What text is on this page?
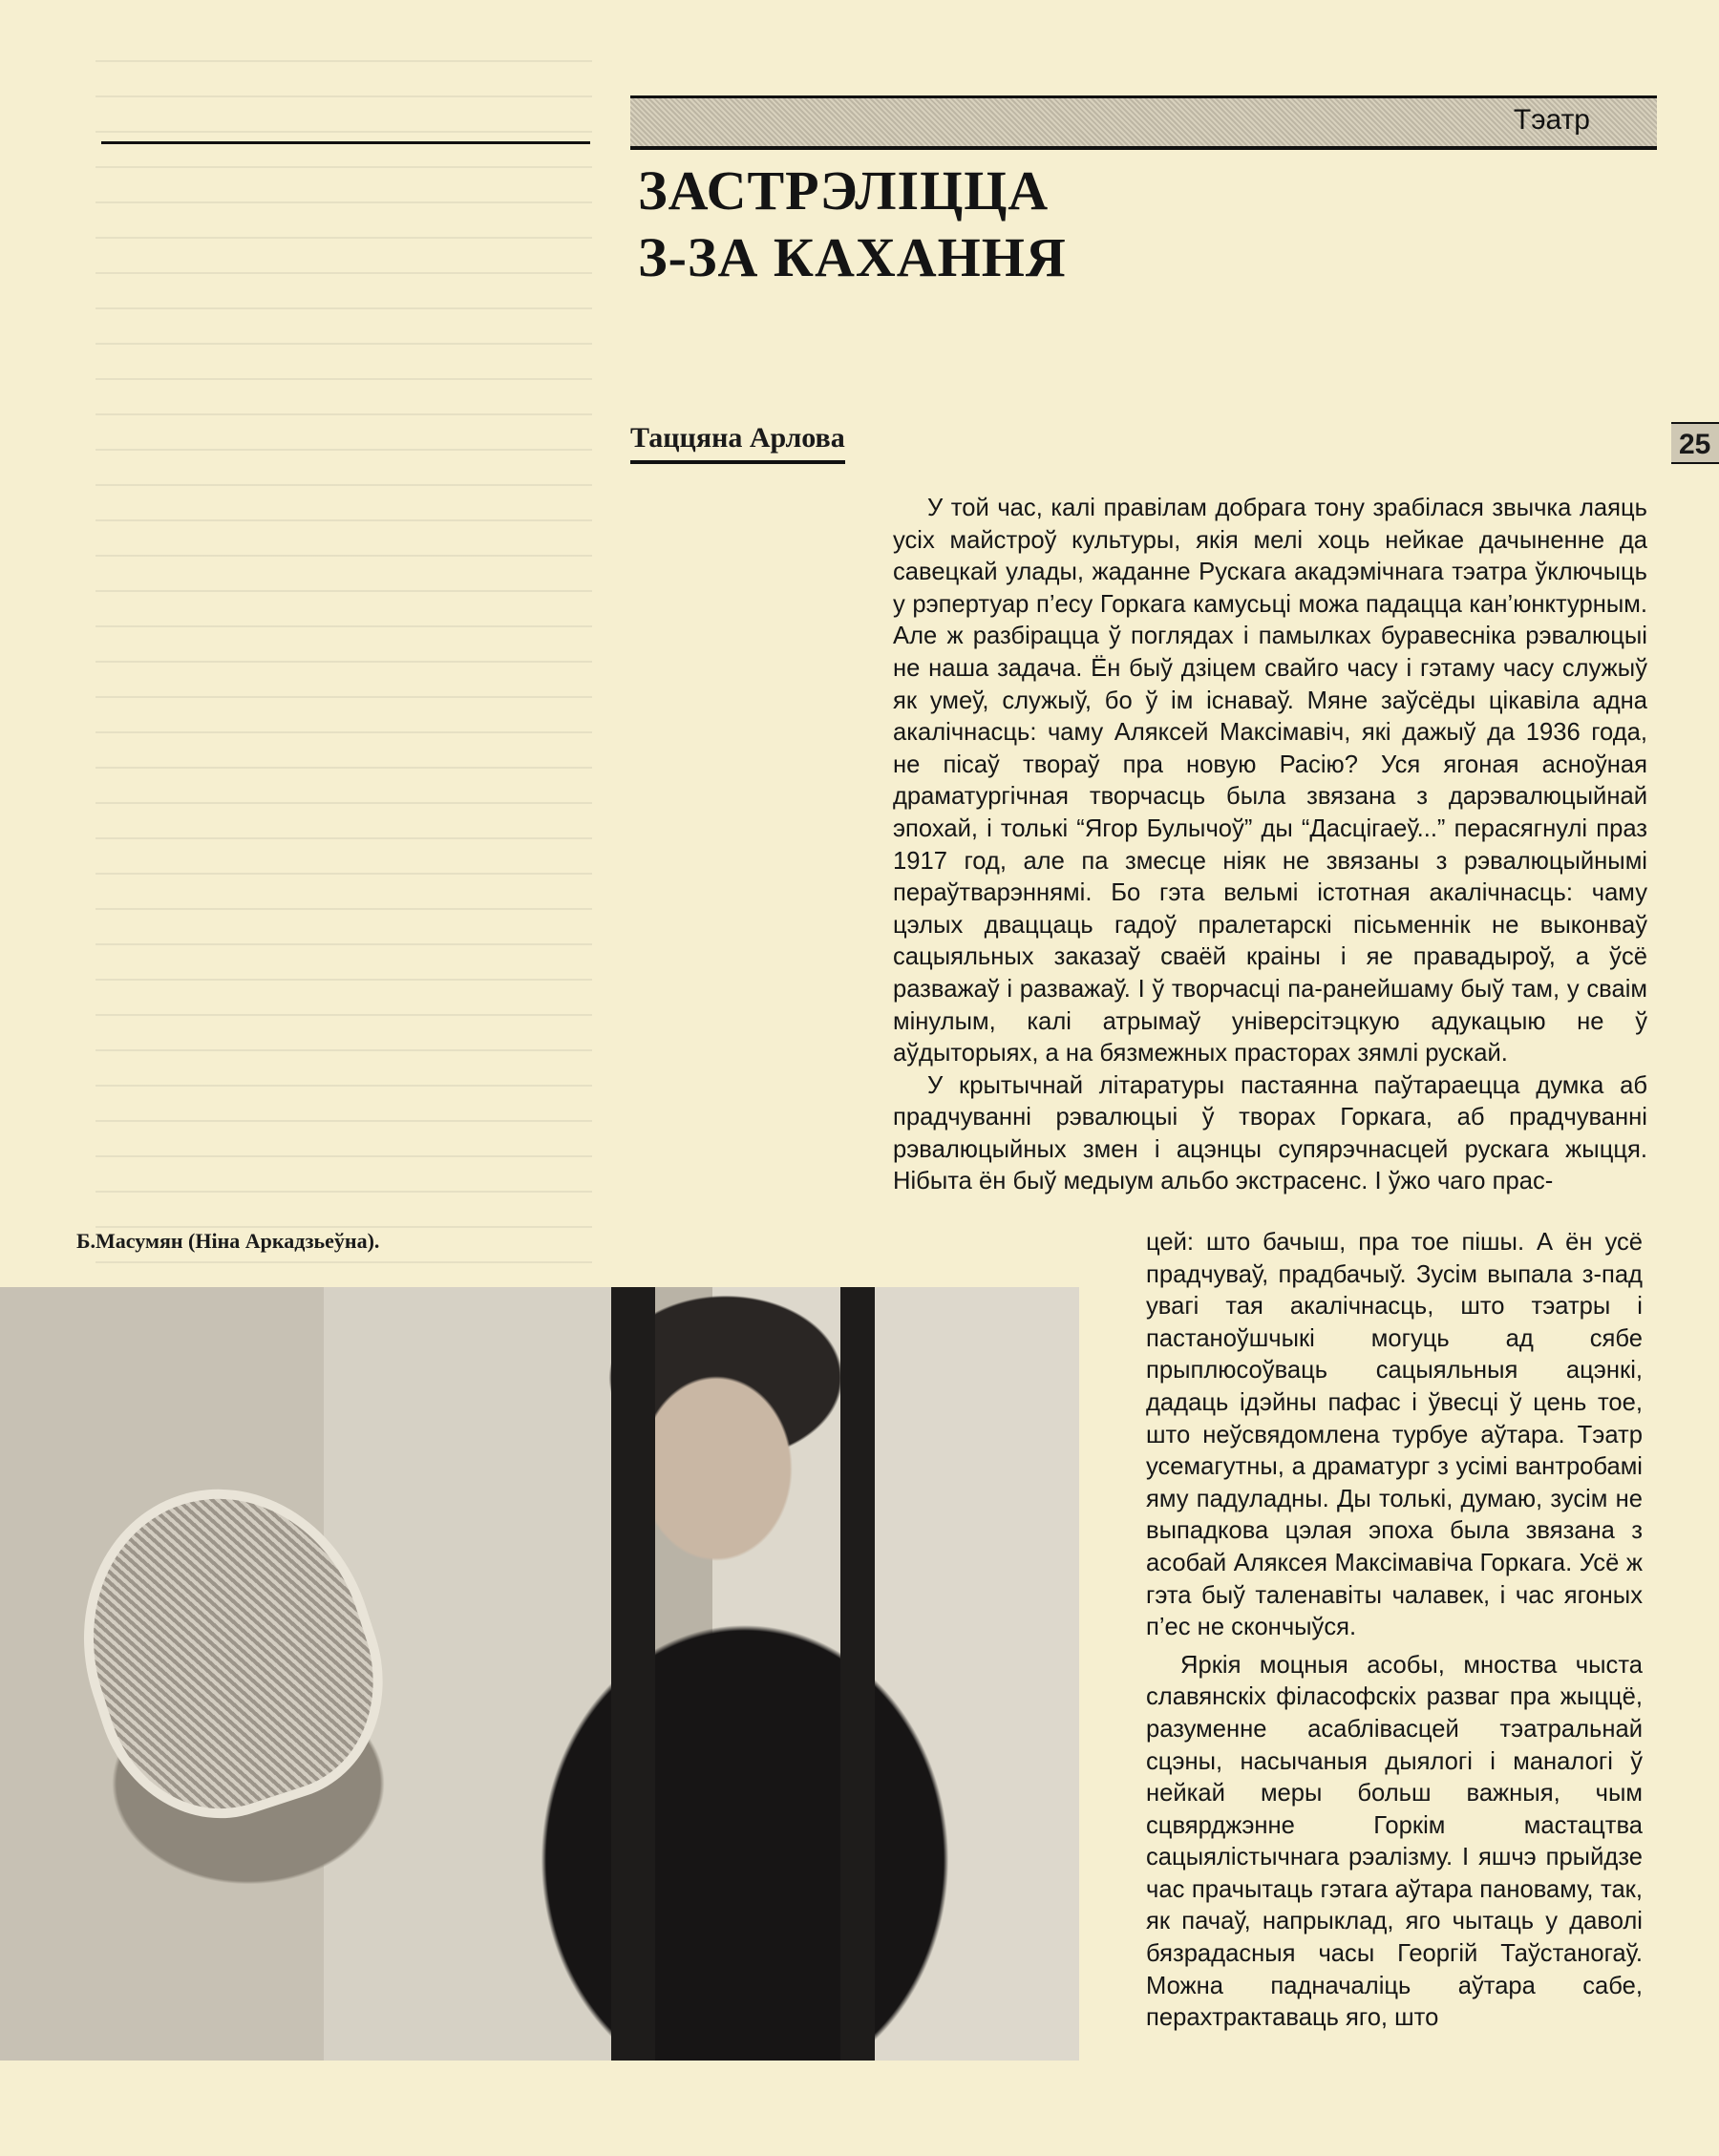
Тэатр
25
ЗАСТРЭЛІЦЦА
З-ЗА КАХАННЯ
Таццяна Арлова
Б.Масумян (Ніна Аркадзьеўна).

У той час, калі правілам добрага тону зрабілася звычка лаяць усіх майстроў культуры, якія мелі хоць нейкае дачыненне да савецкай улады, жаданне Рускага акадэмічнага тэатра ўключыць у рэпертуар п’есу Горкага камусьці можа падацца кан’юнктурным. Але ж разбірацца ў поглядах і памылках буравесніка рэвалюцыі не наша задача. Ён быў дзіцем свайго часу і гэтаму часу служыў як умеў, служыў, бо ў ім існаваў. Мяне заўсёды цікавіла адна акалічнасць: чаму Аляксей Максімавіч, які дажыў да 1936 года, не пісаў твораў пра новую Расію? Уся ягоная асноўная драматургічная творчасць была звязана з дарэвалюцыйнай эпохай, і толькі “Ягор Булычоў” ды “Дасцігаеў...” перасягнулі праз 1917 год, але па змесце ніяк не звязаны з рэвалюцыйнымі пераўтварэннямі. Бо гэта вельмі істотная акалічнасць: чаму цэлых дваццаць гадоў пралетарскі пісьменнік не выконваў сацыяльных заказаў сваёй краіны і яе правадыроў, а ўсё разважаў і разважаў. І ў творчасці па-ранейшаму быў там, у сваім мінулым, калі атрымаў універсітэцкую адукацыю не ў аўдыторыях, а на бязмежных прасторах зямлі рускай.

У крытычнай літаратуры пастаянна паўтараецца думка аб прадчуванні рэвалюцыі ў творах Горкага, аб прадчуванні рэвалюцыйных змен і ацэнцы супярэчнасцей рускага жыцця. Нібыта ён быў медыум альбо экстрасенс. І ўжо чаго прас-

цей: што бачыш, пра тое пішы. А ён усё прадчуваў, прадбачыў. Зусім выпала з-пад увагі тая акалічнасць, што тэатры і пастаноўшчыкі могуць ад сябе прыплюсоўваць сацыяльныя ацэнкі, дадаць ідэйны пафас і ўвесці ў цень тое, што неўсвядомлена турбуе аўтара. Тэатр усемагутны, а драматург з усімі вантробамі яму падуладны. Ды толькі, думаю, зусім не выпадкова цэлая эпоха была звязана з асобай Аляксея Максімавіча Горкага. Усё ж гэта быў таленавіты чалавек, і час ягоных п’ес не скончыўся.

Яркія моцныя асобы, мноства чыста славянскіх філасофскіх разваг пра жыццё, разуменне асаблівасцей тэатральнай сцэны, насычаныя дыялогі і маналогі ў нейкай меры больш важныя, чым сцвярджэнне Горкім мастацтва сацыялістычнага рэалізму. І яшчэ прыйдзе час прачытаць гэтага аўтара пановаму, так, як пачаў, напрыклад, яго чытаць у даволі бязрадасныя часы Георгій Таўстаногаў. Можна падначаліць аўтара сабе, перахтрактаваць яго, што
